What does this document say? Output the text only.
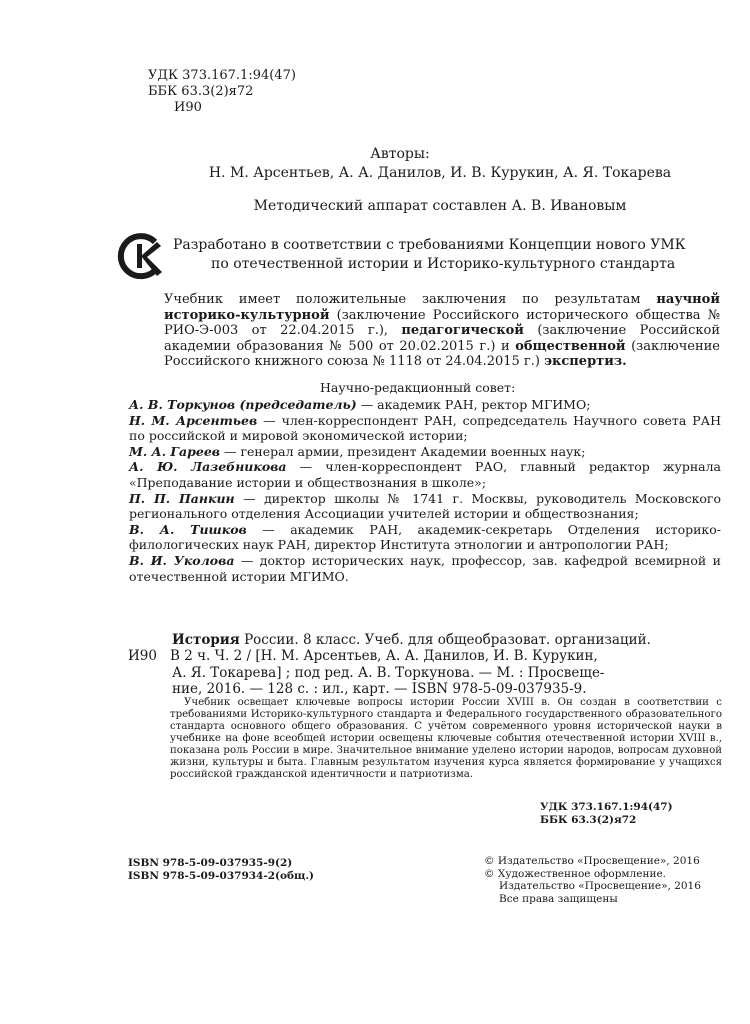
УДК 373.167.1:94(47)
ББК 63.3(2)я72
И90
Авторы:
Н. М. Арсентьев, А. А. Данилов, И. В. Курукин, А. Я. Токарева
Методический аппарат составлен А. В. Ивановым
Разработано в соответствии с требованиями Концепции нового УМК
по отечественной истории и Историко-культурного стандарта
Учебник имеет положительные заключения по результатам научной историко-культурной (заключение Российского исторического общества № РИО-Э-003 от 22.04.2015 г.), педагогической (заключение Российской академии образования № 500 от 20.02.2015 г.) и общественной (заключение Российского книжного союза № 1118 от 24.04.2015 г.) экспертиз.
Научно-редакционный совет:

А. В. Торкунов (председатель) — академик РАН, ректор МГИМО;

Н. М. Арсентьев — член-корреспондент РАН, сопредседатель Научного совета РАН по российской и мировой экономической истории;

М. А. Гареев — генерал армии, президент Академии военных наук;

А. Ю. Лазебникова — член-корреспондент РАО, главный редактор журнала «Преподавание истории и обществознания в школе»;

П. П. Панкин — директор школы № 1741 г. Москвы, руководитель Московского регионального отделения Ассоциации учителей истории и обществознания;

В. А. Тишков — академик РАН, академик-секретарь Отделения историко-филологических наук РАН, директор Института этнологии и антропологии РАН;

В. И. Уколова — доктор исторических наук, профессор, зав. кафедрой всемирной и отечественной истории МГИМО.

История России. 8 класс. Учеб. для общеобразоват. организаций.
И90 В 2 ч. Ч. 2 / [Н. М. Арсентьев, А. А. Данилов, И. В. Курукин,
А. Я. Токарева] ; под ред. А. В. Торкунова. — М. : Просвеще-
ние, 2016. — 128 с. : ил., карт. — ISBN 978-5-09-037935-9.

Учебник освещает ключевые вопросы истории России XVIII в. Он создан в соответствии с требованиями Историко-культурного стандарта и Федерального государственного образовательного стандарта основного общего образования. С учётом современного уровня исторической науки в учебнике на фоне всеобщей истории освещены ключевые события отечественной истории XVIII в., показана роль России в мире. Значительное внимание уделено истории народов, вопросам духовной жизни, культуры и быта. Главным результатом изучения курса является формирование у учащихся российской гражданской идентичности и патриотизма.

УДК 373.167.1:94(47)
ББК 63.3(2)я72
ISBN 978-5-09-037935-9(2)
ISBN 978-5-09-037934-2(общ.)
© Издательство «Просвещение», 2016
© Художественное оформление.
Издательство «Просвещение», 2016
Все права защищены
